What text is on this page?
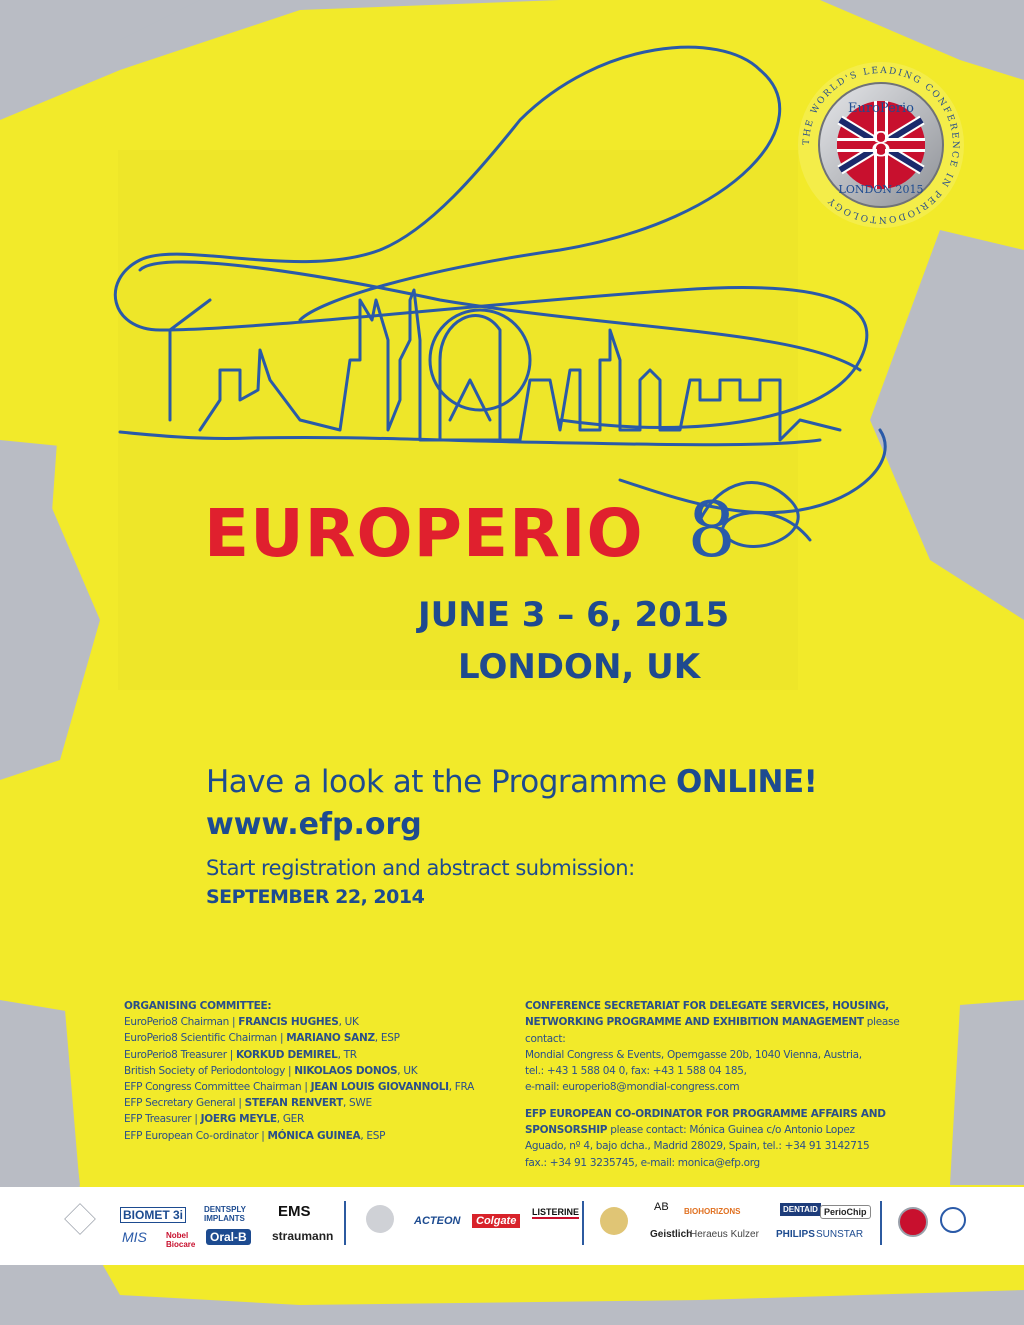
8
THE WORLD'S LEADING CONFERENCE IN PERIODONTOLOGY
EuroPerio
LONDON 2015
EUROPERIO 8
JUNE 3 – 6, 2015
LONDON, UK
Have a look at the Programme ONLINE!
www.efp.org
Start registration and abstract submission:
SEPTEMBER 22, 2014
ORGANISING COMMITTEE:
EuroPerio8 Chairman | FRANCIS HUGHES, UK
EuroPerio8 Scientific Chairman | MARIANO SANZ, ESP
EuroPerio8 Treasurer | KORKUD DEMIREL, TR
British Society of Periodontology | NIKOLAOS DONOS, UK
EFP Congress Committee Chairman | JEAN LOUIS GIOVANNOLI, FRA
EFP Secretary General | STEFAN RENVERT, SWE
EFP Treasurer | JOERG MEYLE, GER
EFP European Co-ordinator | MÓNICA GUINEA, ESP
CONFERENCE SECRETARIAT FOR DELEGATE SERVICES, HOUSING,
NETWORKING PROGRAMME AND EXHIBITION MANAGEMENT please contact:
Mondial Congress & Events, Operngasse 20b, 1040 Vienna, Austria,
tel.: +43 1 588 04 0, fax: +43 1 588 04 185,
e-mail: europerio8@mondial-congress.com
EFP EUROPEAN CO-ORDINATOR FOR PROGRAMME AFFAIRS AND
SPONSORSHIP please contact: Mónica Guinea c/o Antonio Lopez
Aguado, nº 4, bajo dcha., Madrid 28029, Spain, tel.: +34 91 3142715
fax.: +34 91 3235745, e-mail: monica@efp.org
BIOMET 3i	DENTSPLY IMPLANTS	EMS
MIS Nobel Biocare
Oral-B	straumann
ACTEON	Colgate
LISTERINE	AB BIOHORIZONS	DENTAID PerioChip
Geistlich
Heraeus Kulzer PHILIPS SUNSTAR
